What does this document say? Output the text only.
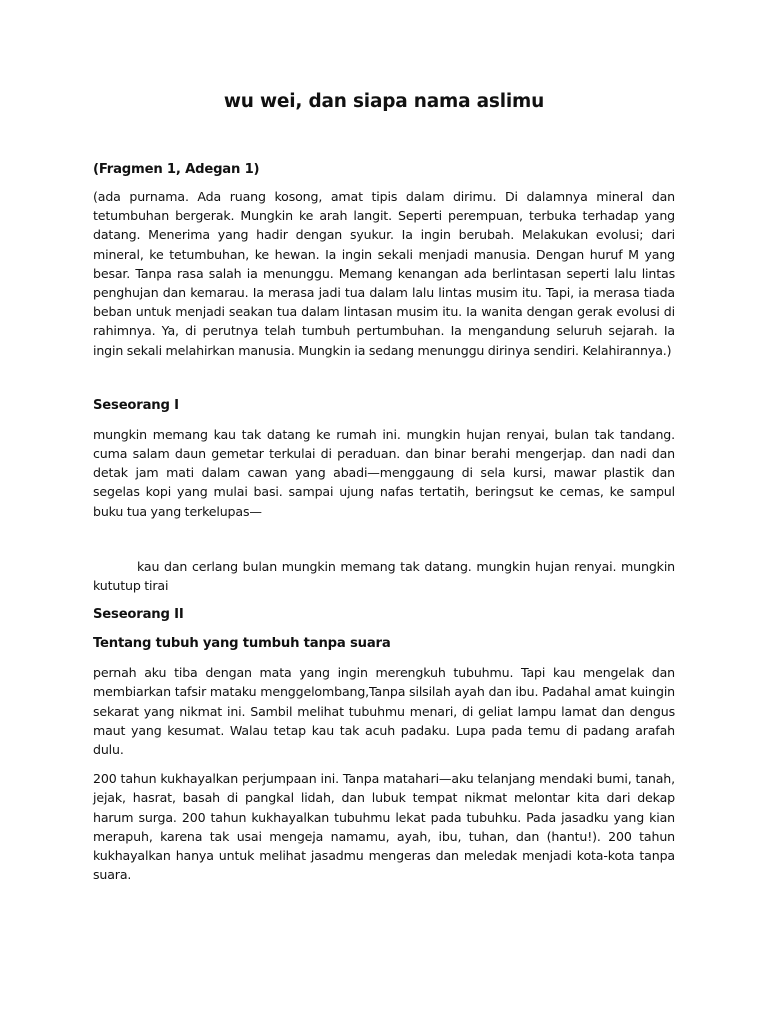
wu wei, dan siapa nama aslimu

(Fragmen 1, Adegan 1)

(ada purnama. Ada ruang kosong, amat tipis dalam dirimu. Di dalamnya mineral dan tetumbuhan bergerak. Mungkin ke arah langit. Seperti perempuan, terbuka terhadap yang datang. Menerima yang hadir dengan syukur. Ia ingin berubah. Melakukan evolusi; dari mineral, ke tetumbuhan, ke hewan. Ia ingin sekali menjadi manusia. Dengan huruf M yang besar. Tanpa rasa salah ia menunggu. Memang kenangan ada berlintasan seperti lalu lintas penghujan dan kemarau. Ia merasa jadi tua dalam lalu lintas musim itu. Tapi, ia merasa tiada beban untuk menjadi seakan tua dalam lintasan musim itu. Ia wanita dengan gerak evolusi di rahimnya. Ya, di perutnya telah tumbuh pertumbuhan. Ia mengandung seluruh sejarah. Ia ingin sekali melahirkan manusia. Mungkin ia sedang menunggu dirinya sendiri. Kelahirannya.)

Seseorang I

mungkin memang kau tak datang ke rumah ini. mungkin hujan renyai, bulan tak tandang. cuma salam daun gemetar terkulai di peraduan. dan binar berahi mengerjap. dan nadi dan detak jam mati dalam cawan yang abadi—menggaung di sela kursi, mawar plastik dan segelas kopi yang mulai basi. sampai ujung nafas tertatih, beringsut ke cemas, ke sampul buku tua yang terkelupas—

kau dan cerlang bulan mungkin memang tak datang. mungkin hujan renyai. mungkin kututup tirai

Seseorang II

Tentang tubuh yang tumbuh tanpa suara

pernah aku tiba dengan mata yang ingin merengkuh tubuhmu. Tapi kau mengelak dan membiarkan tafsir mataku menggelombang,Tanpa silsilah ayah dan ibu. Padahal amat kuingin sekarat yang nikmat ini. Sambil melihat tubuhmu menari, di geliat lampu lamat dan dengus maut yang kesumat. Walau tetap kau tak acuh padaku. Lupa pada temu di padang arafah dulu.

200 tahun kukhayalkan perjumpaan ini. Tanpa matahari—aku telanjang mendaki bumi, tanah, jejak, hasrat, basah di pangkal lidah, dan lubuk tempat nikmat melontar kita dari dekap harum surga. 200 tahun kukhayalkan tubuhmu lekat pada tubuhku. Pada jasadku yang kian merapuh, karena tak usai mengeja namamu, ayah, ibu, tuhan, dan (hantu!). 200 tahun kukhayalkan hanya untuk melihat jasadmu mengeras dan meledak menjadi kota-kota tanpa suara.
